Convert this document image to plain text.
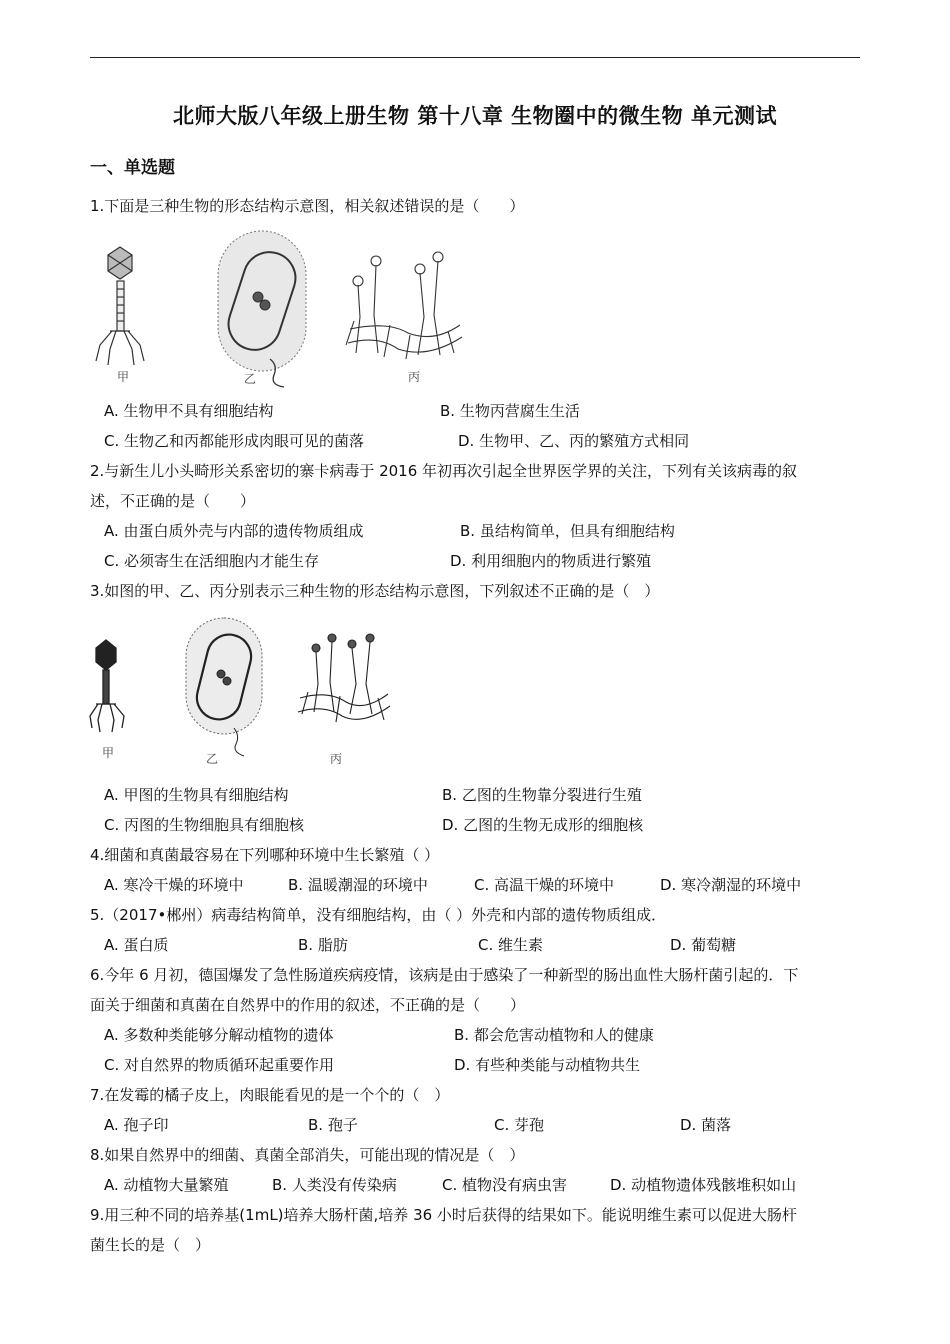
北师大版八年级上册生物 第十八章 生物圈中的微生物 单元测试
一、单选题
1.下面是三种生物的形态结构示意图，相关叙述错误的是（　　）
甲	乙	丙
A. 生物甲不具有细胞结构	B. 生物丙营腐生生活
C. 生物乙和丙都能形成肉眼可见的菌落	D. 生物甲、乙、丙的繁殖方式相同
2.与新生儿小头畸形关系密切的寨卡病毒于 2016 年初再次引起全世界医学界的关注，下列有关该病毒的叙
述，不正确的是（　　）
A. 由蛋白质外壳与内部的遗传物质组成	B. 虽结构简单，但具有细胞结构
C. 必须寄生在活细胞内才能生存	D. 利用细胞内的物质进行繁殖
3.如图的甲、乙、丙分别表示三种生物的形态结构示意图，下列叙述不正确的是（　）
甲	乙	丙
A. 甲图的生物具有细胞结构	B. 乙图的生物靠分裂进行生殖
C. 丙图的生物细胞具有细胞核	D. 乙图的生物无成形的细胞核
4.细菌和真菌最容易在下列哪种环境中生长繁殖（ ）
A. 寒冷干燥的环境中	B. 温暖潮湿的环境中	C. 高温干燥的环境中	D. 寒冷潮湿的环境中
5.（2017•郴州）病毒结构简单，没有细胞结构，由（ ）外壳和内部的遗传物质组成．
A. 蛋白质	B. 脂肪	C. 维生素	D. 葡萄糖
6.今年 6 月初，德国爆发了急性肠道疾病疫情，该病是由于感染了一种新型的肠出血性大肠杆菌引起的．下
面关于细菌和真菌在自然界中的作用的叙述，不正确的是（　　）
A. 多数种类能够分解动植物的遗体	B. 都会危害动植物和人的健康
C. 对自然界的物质循环起重要作用	D. 有些种类能与动植物共生
7.在发霉的橘子皮上，肉眼能看见的是一个个的（　）
A. 孢子印	B. 孢子	C. 芽孢	D. 菌落
8.如果自然界中的细菌、真菌全部消失，可能出现的情况是（　）
A. 动植物大量繁殖	B. 人类没有传染病	C. 植物没有病虫害	D. 动植物遗体残骸堆积如山
9.用三种不同的培养基(1mL)培养大肠杆菌,培养 36 小时后获得的结果如下。能说明维生素可以促进大肠杆
菌生长的是（　）
